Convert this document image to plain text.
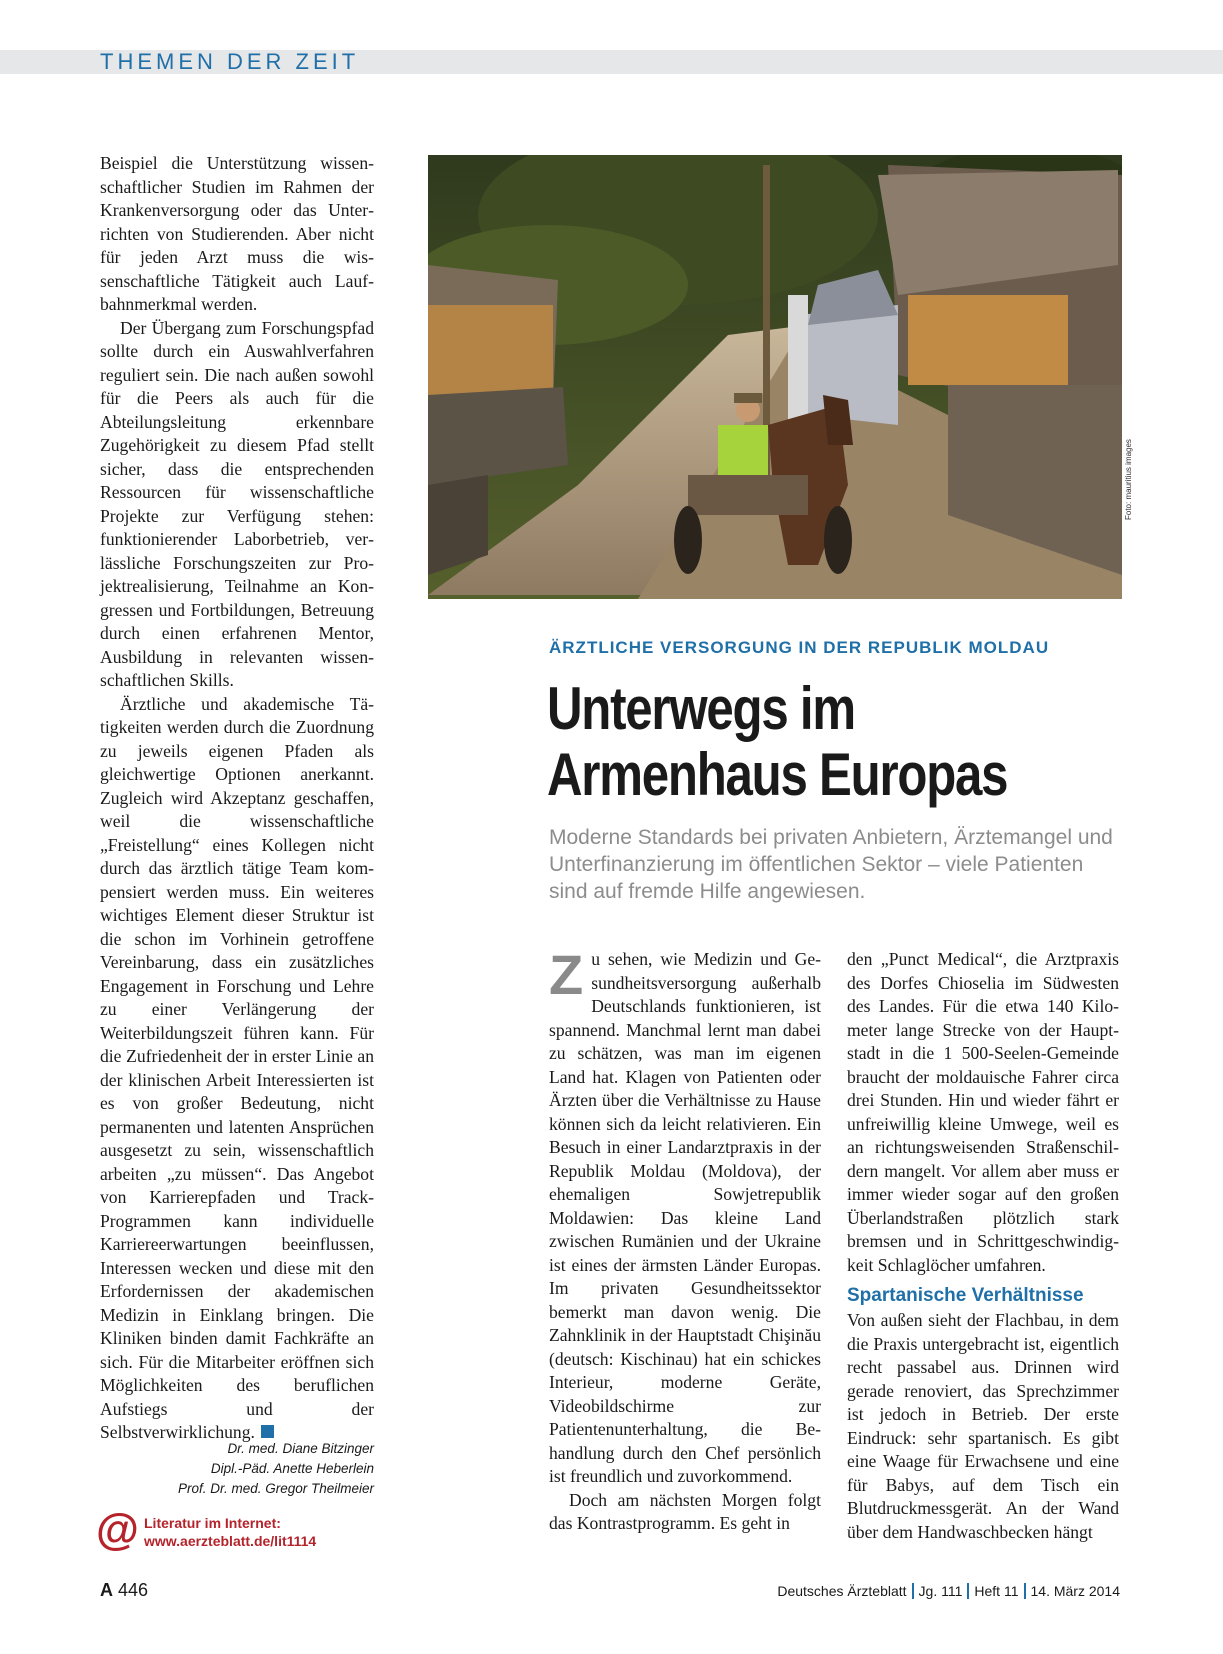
THEMEN DER ZEIT

Beispiel die Unterstützung wissenschaftlicher Studien im Rahmen der Krankenversorgung oder das Unterrichten von Studierenden. Aber nicht für jeden Arzt muss die wissenschaftliche Tätigkeit auch Laufbahnmerkmal werden.

Der Übergang zum Forschungspfad sollte durch ein Auswahlverfahren reguliert sein. Die nach außen sowohl für die Peers als auch für die Abteilungsleitung erkennbare Zugehörigkeit zu diesem Pfad stellt sicher, dass die entsprechenden Ressourcen für wissenschaftliche Projekte zur Verfügung stehen: funktionierender Laborbetrieb, verlässliche Forschungszeiten zur Projektrealisierung, Teilnahme an Kongressen und Fortbildungen, Betreuung durch einen erfahrenen Mentor, Ausbildung in relevanten wissenschaftlichen Skills.

Ärztliche und akademische Tätigkeiten werden durch die Zuordnung zu jeweils eigenen Pfaden als gleichwertige Optionen anerkannt. Zugleich wird Akzeptanz geschaffen, weil die wissenschaftliche „Freistellung“ eines Kollegen nicht durch das ärztlich tätige Team kompensiert werden muss. Ein weiteres wichtiges Element dieser Struktur ist die schon im Vorhinein getroffene Vereinbarung, dass ein zusätzliches Engagement in Forschung und Lehre zu einer Verlängerung der Weiterbildungszeit führen kann. Für die Zufriedenheit der in erster Linie an der klinischen Arbeit Interessierten ist es von großer Bedeutung, nicht permanenten und latenten Ansprüchen ausgesetzt zu sein, wissenschaftlich arbeiten „zu müssen“. Das Angebot von Karrierepfaden und Track-Programmen kann individuelle Karriereerwartungen beeinflussen, Interessen wecken und diese mit den Erfordernissen der akademischen Medizin in Einklang bringen. Die Kliniken binden damit Fachkräfte an sich. Für die Mitarbeiter eröffnen sich Möglichkeiten des beruflichen Aufstiegs und der Selbstverwirklichung.

Dr. med. Diane Bitzinger
Dipl.-Päd. Anette Heberlein
Prof. Dr. med. Gregor Theilmeier
@ Literatur im Internet:
www.aerzteblatt.de/lit1114
Foto: mauritius images
ÄRZTLICHE VERSORGUNG IN DER REPUBLIK MOLDAU
Unterwegs im
Armenhaus Europas
Moderne Standards bei privaten Anbietern, Ärztemangel und Unterfinanzierung im öffentlichen Sektor – viele Patienten sind auf fremde Hilfe angewiesen.

Zu sehen, wie Medizin und Gesundheitsversorgung außerhalb Deutschlands funktionieren, ist spannend. Manchmal lernt man dabei zu schätzen, was man im eigenen Land hat. Klagen von Patienten oder Ärzten über die Verhältnisse zu Hause können sich da leicht relativieren. Ein Besuch in einer Landarztpraxis in der Republik Moldau (Moldova), der ehemaligen Sowjetrepublik Moldawien: Das kleine Land zwischen Rumänien und der Ukraine ist eines der ärmsten Länder Europas. Im privaten Gesundheitssektor bemerkt man davon wenig. Die Zahnklinik in der Hauptstadt Chişinău (deutsch: Kischinau) hat ein schickes Interieur, moderne Geräte, Videobildschirme zur Patientenunterhaltung, die Behandlung durch den Chef persönlich ist freundlich und zuvorkommend.

Doch am nächsten Morgen folgt das Kontrastprogramm. Es geht in

den „Punct Medical“, die Arztpraxis des Dorfes Chioselia im Südwesten des Landes. Für die etwa 140 Kilometer lange Strecke von der Hauptstadt in die 1 500-Seelen-Gemeinde braucht der moldauische Fahrer circa drei Stunden. Hin und wieder fährt er unfreiwillig kleine Umwege, weil es an richtungsweisenden Straßenschildern mangelt. Vor allem aber muss er immer wieder sogar auf den großen Überlandstraßen plötzlich stark bremsen und in Schrittgeschwindigkeit Schlaglöcher umfahren.

Spartanische Verhältnisse

Von außen sieht der Flachbau, in dem die Praxis untergebracht ist, eigentlich recht passabel aus. Drinnen wird gerade renoviert, das Sprechzimmer ist jedoch in Betrieb. Der erste Eindruck: sehr spartanisch. Es gibt eine Waage für Erwachsene und eine für Babys, auf dem Tisch ein Blutdruckmessgerät. An der Wand über dem Handwaschbecken hängt

A 446	Deutsches Ärzteblatt Jg. 111 Heft 11 14. März 2014
